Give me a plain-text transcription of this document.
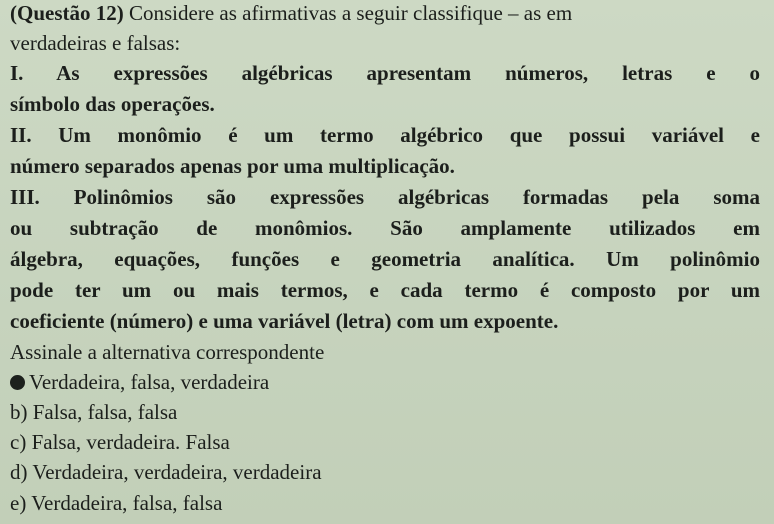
(Questão 12) Considere as afirmativas a seguir classifique – as em
verdadeiras e falsas:
I. As expressões algébricas apresentam números, letras e o
símbolo das operações.
II. Um monômio é um termo algébrico que possui variável e
número separados apenas por uma multiplicação.
III. Polinômios são expressões algébricas formadas pela soma
ou subtração de monômios. São amplamente utilizados em
álgebra, equações, funções e geometria analítica. Um polinômio
pode ter um ou mais termos, e cada termo é composto por um
coeficiente (número) e uma variável (letra) com um expoente.
Assinale a alternativa correspondente
Verdadeira, falsa, verdadeira
b) Falsa, falsa, falsa
c) Falsa, verdadeira. Falsa
d) Verdadeira, verdadeira, verdadeira
e) Verdadeira, falsa, falsa
